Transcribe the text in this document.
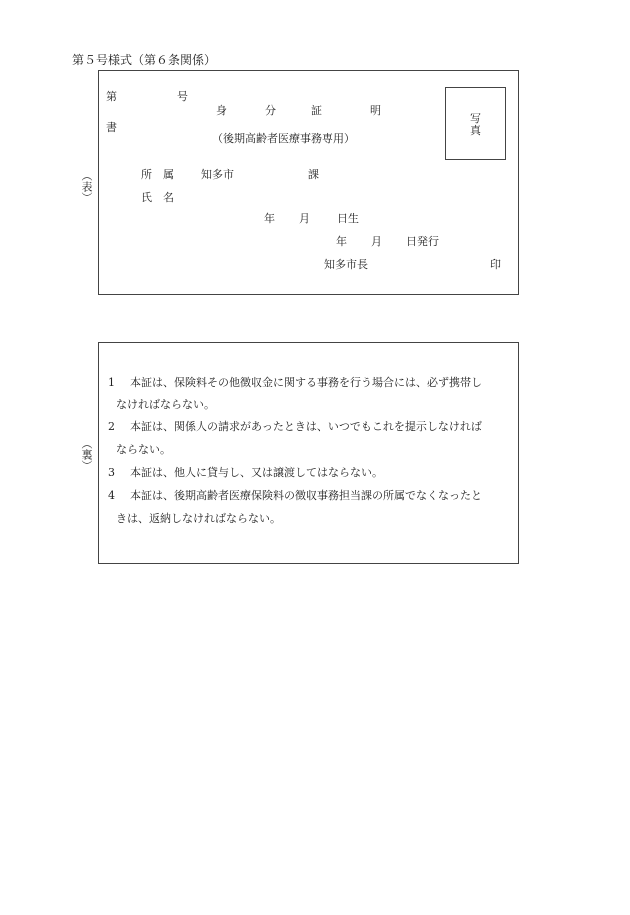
第５号様式（第６条関係）
（表）
第	号
身	分	証	明
書
（後期高齢者医療事務専用）
写
真
所　属 知多市	課
氏　名
年 月 日生
年 月 日発行
知多市長	印
（裏）
1 本証は、保険料その他徴収金に関する事務を行う場合には、必ず携帯し
なければならない。
2 本証は、関係人の請求があったときは、いつでもこれを提示しなければ
ならない。
3 本証は、他人に貸与し、又は譲渡してはならない。
4 本証は、後期高齢者医療保険料の徴収事務担当課の所属でなくなったと
きは、返納しなければならない。
